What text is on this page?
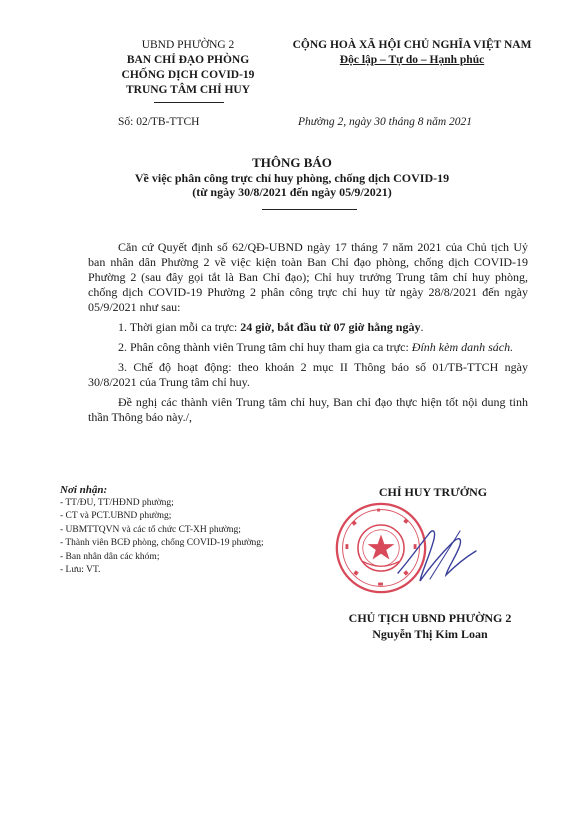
UBND PHƯỜNG 2
BAN CHỈ ĐẠO PHÒNG
CHỐNG DỊCH COVID-19
TRUNG TÂM CHỈ HUY
CỘNG HOÀ XÃ HỘI CHỦ NGHĨA VIỆT NAM
Độc lập – Tự do – Hạnh phúc
Số: 02/TB-TTCH	Phường 2, ngày 30 tháng 8 năm 2021
THÔNG BÁO
Về việc phân công trực chỉ huy phòng, chống dịch COVID-19
(từ ngày 30/8/2021 đến ngày 05/9/2021)

Căn cứ Quyết định số 62/QĐ-UBND ngày 17 tháng 7 năm 2021 của Chủ tịch Uỷ ban nhân dân Phường 2 về việc kiện toàn Ban Chỉ đạo phòng, chống dịch COVID-19 Phường 2 (sau đây gọi tắt là Ban Chỉ đạo); Chỉ huy trưởng Trung tâm chỉ huy phòng, chống dịch COVID-19 Phường 2 phân công trực chỉ huy từ ngày 28/8/2021 đến ngày 05/9/2021 như sau:

1. Thời gian mỗi ca trực: 24 giờ, bắt đầu từ 07 giờ hằng ngày.

2. Phân công thành viên Trung tâm chỉ huy tham gia ca trực: Đính kèm danh sách.

3. Chế độ hoạt động: theo khoản 2 mục II Thông báo số 01/TB-TTCH ngày 30/8/2021 của Trung tâm chỉ huy.

Đề nghị các thành viên Trung tâm chỉ huy, Ban chỉ đạo thực hiện tốt nội dung tinh thần Thông báo này./,

Nơi nhận:
- TT/ĐU, TT/HĐND phường;
- CT và PCT.UBND phường;
- UBMTTQVN và các tổ chức CT-XH phường;
- Thành viên BCĐ phòng, chống COVID-19 phường;
- Ban nhân dân các khóm;
- Lưu: VT.
CHỈ HUY TRƯỞNG
CHỦ TỊCH UBND PHƯỜNG 2
Nguyễn Thị Kim Loan
